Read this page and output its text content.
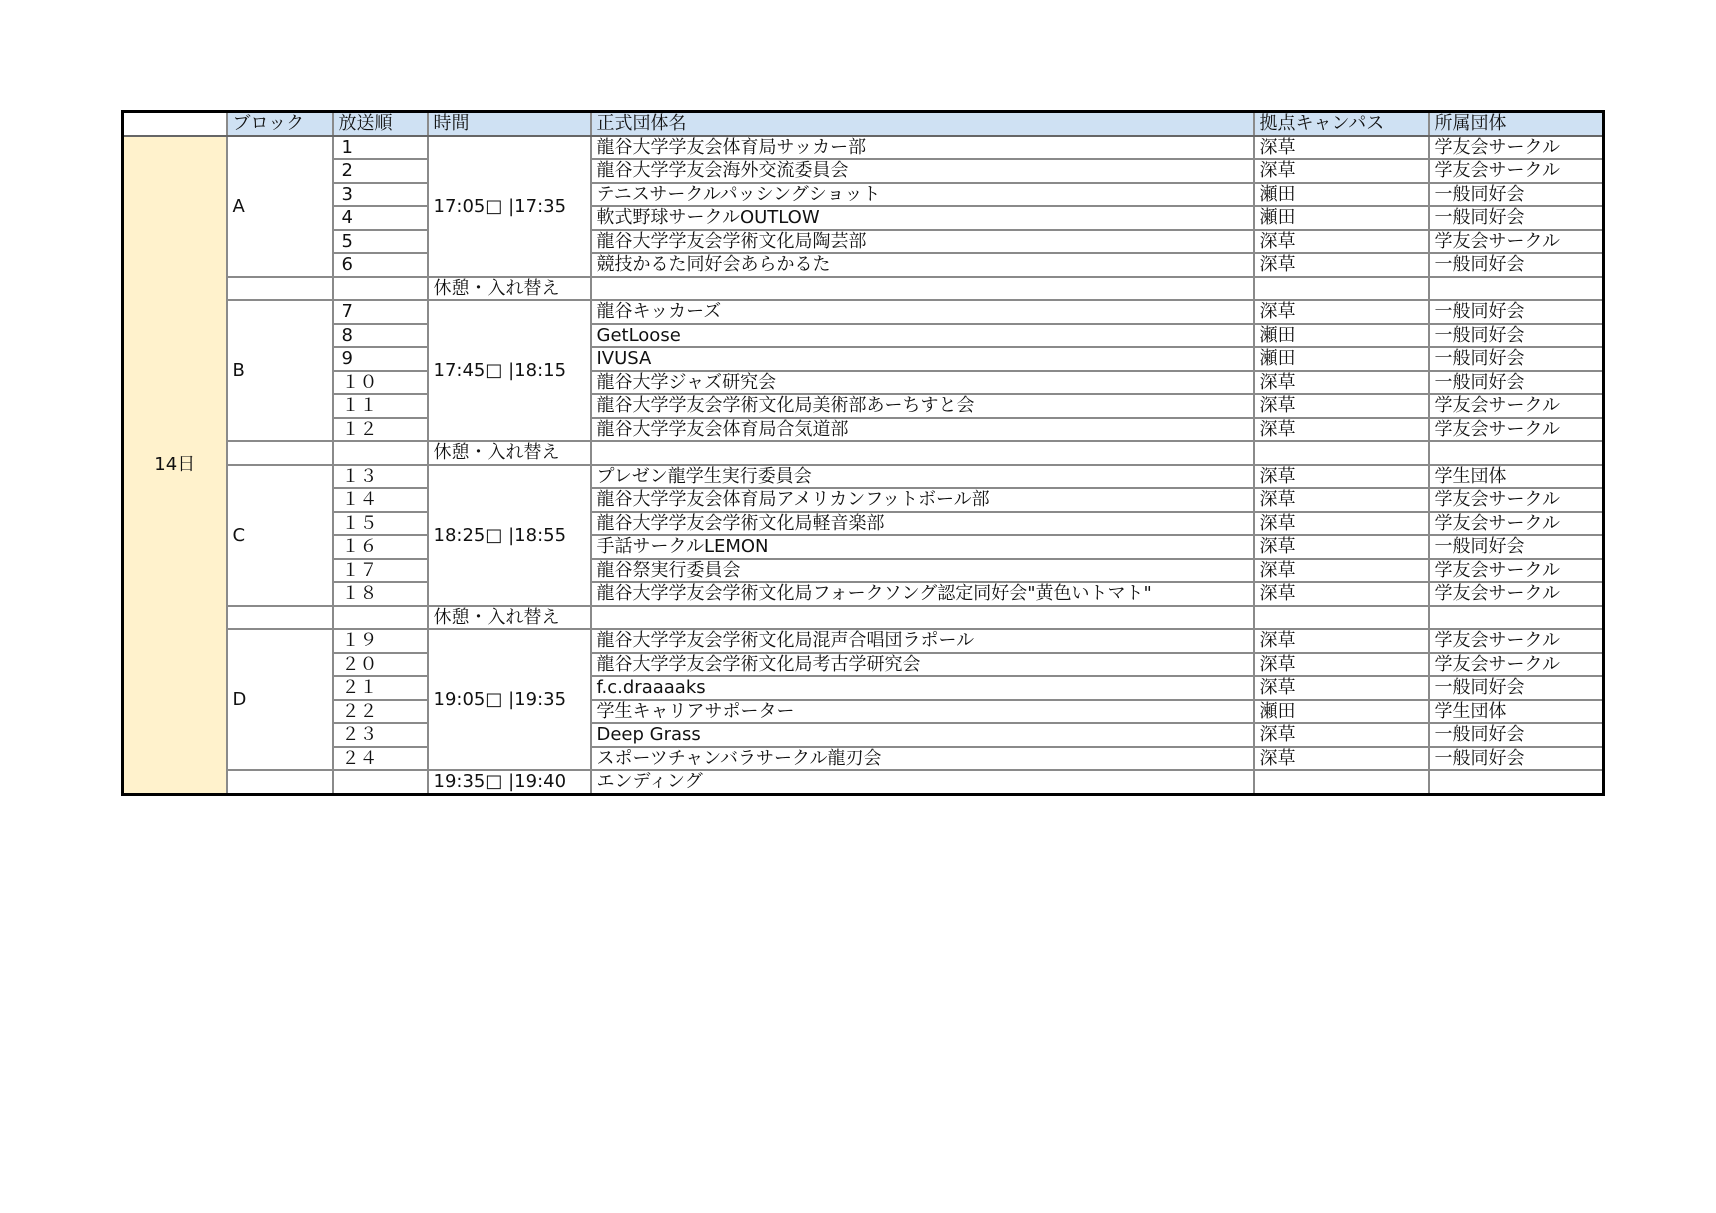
	ブロック	放送順	時間	正式団体名	拠点キャンパス	所属団体
14日	A	1	17:05□ |17:35	龍谷大学学友会体育局サッカー部	深草	学友会サークル
		2		龍谷大学学友会海外交流委員会	深草	学友会サークル
		3		テニスサークルパッシングショット	瀬田	一般同好会
		4		軟式野球サークルOUTLOW	瀬田	一般同好会
		5		龍谷大学学友会学術文化局陶芸部	深草	学友会サークル
		6		競技かるた同好会あらかるた	深草	一般同好会
			休憩・入れ替え			
	B	7	17:45□ |18:15	龍谷キッカーズ	深草	一般同好会
		8		GetLoose	瀬田	一般同好会
		9		IVUSA	瀬田	一般同好会
		１０		龍谷大学ジャズ研究会	深草	一般同好会
		１１		龍谷大学学友会学術文化局美術部あーちすと会	深草	学友会サークル
		１２		龍谷大学学友会体育局合気道部	深草	学友会サークル
			休憩・入れ替え			
	C	１３	18:25□ |18:55	プレゼン龍学生実行委員会	深草	学生団体
		１４		龍谷大学学友会体育局アメリカンフットボール部	深草	学友会サークル
		１５		龍谷大学学友会学術文化局軽音楽部	深草	学友会サークル
		１６		手話サークルLEMON	深草	一般同好会
		１７		龍谷祭実行委員会	深草	学友会サークル
		１８		龍谷大学学友会学術文化局フォークソング認定同好会"黄色いトマト"	深草	学友会サークル
			休憩・入れ替え			
	D	１９	19:05□ |19:35	龍谷大学学友会学術文化局混声合唱団ラポール	深草	学友会サークル
		２０		龍谷大学学友会学術文化局考古学研究会	深草	学友会サークル
		２１		f.c.draaaaks	深草	一般同好会
		２２		学生キャリアサポーター	瀬田	学生団体
		２３		Deep Grass	深草	一般同好会
		２４		スポーツチャンバラサークル龍刃会	深草	一般同好会
			19:35□ |19:40	エンディング		
